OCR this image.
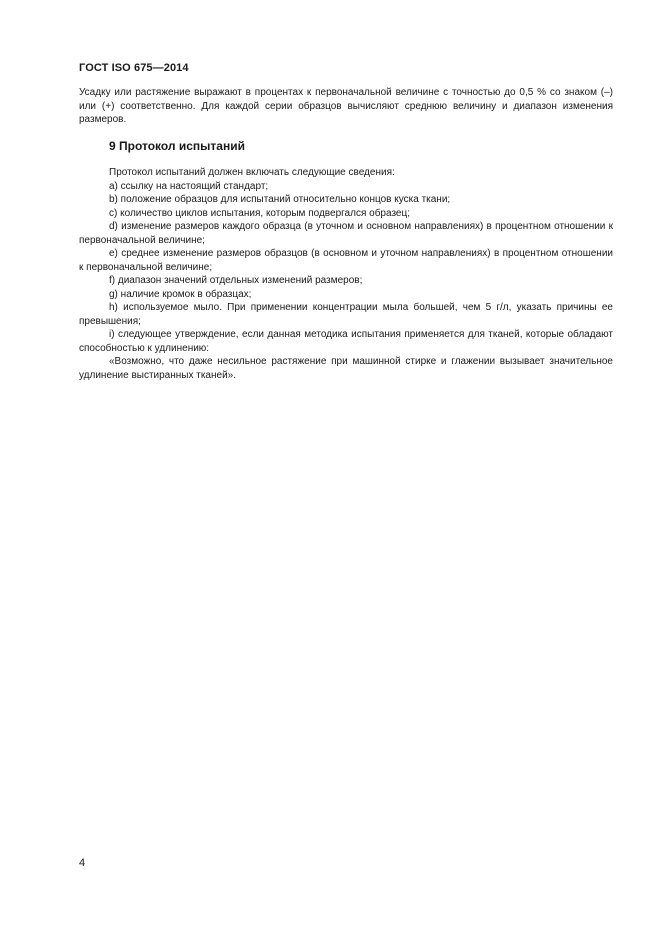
ГОСТ ISO 675—2014
Усадку или растяжение выражают в процентах к первоначальной величине с точностью до 0,5 % со знаком (–) или (+) соответственно. Для каждой серии образцов вычисляют среднюю величину и диапазон изменения размеров.
9 Протокол испытаний

Протокол испытаний должен включать следующие сведения:

a) ссылку на настоящий стандарт;

b) положение образцов для испытаний относительно концов куска ткани;

c) количество циклов испытания, которым подвергался образец;

d) изменение размеров каждого образца (в уточном и основном направлениях) в процентном отношении к первоначальной величине;

e) среднее изменение размеров образцов (в основном и уточном направлениях) в процентном отношении к первоначальной величине;

f) диапазон значений отдельных изменений размеров;

g) наличие кромок в образцах;

h) используемое мыло. При применении концентрации мыла большей, чем 5 г/л, указать причины ее превышения;

i) следующее утверждение, если данная методика испытания применяется для тканей, которые обладают способностью к удлинению:

«Возможно, что даже несильное растяжение при машинной стирке и глажении вызывает значительное удлинение выстиранных тканей».

4
